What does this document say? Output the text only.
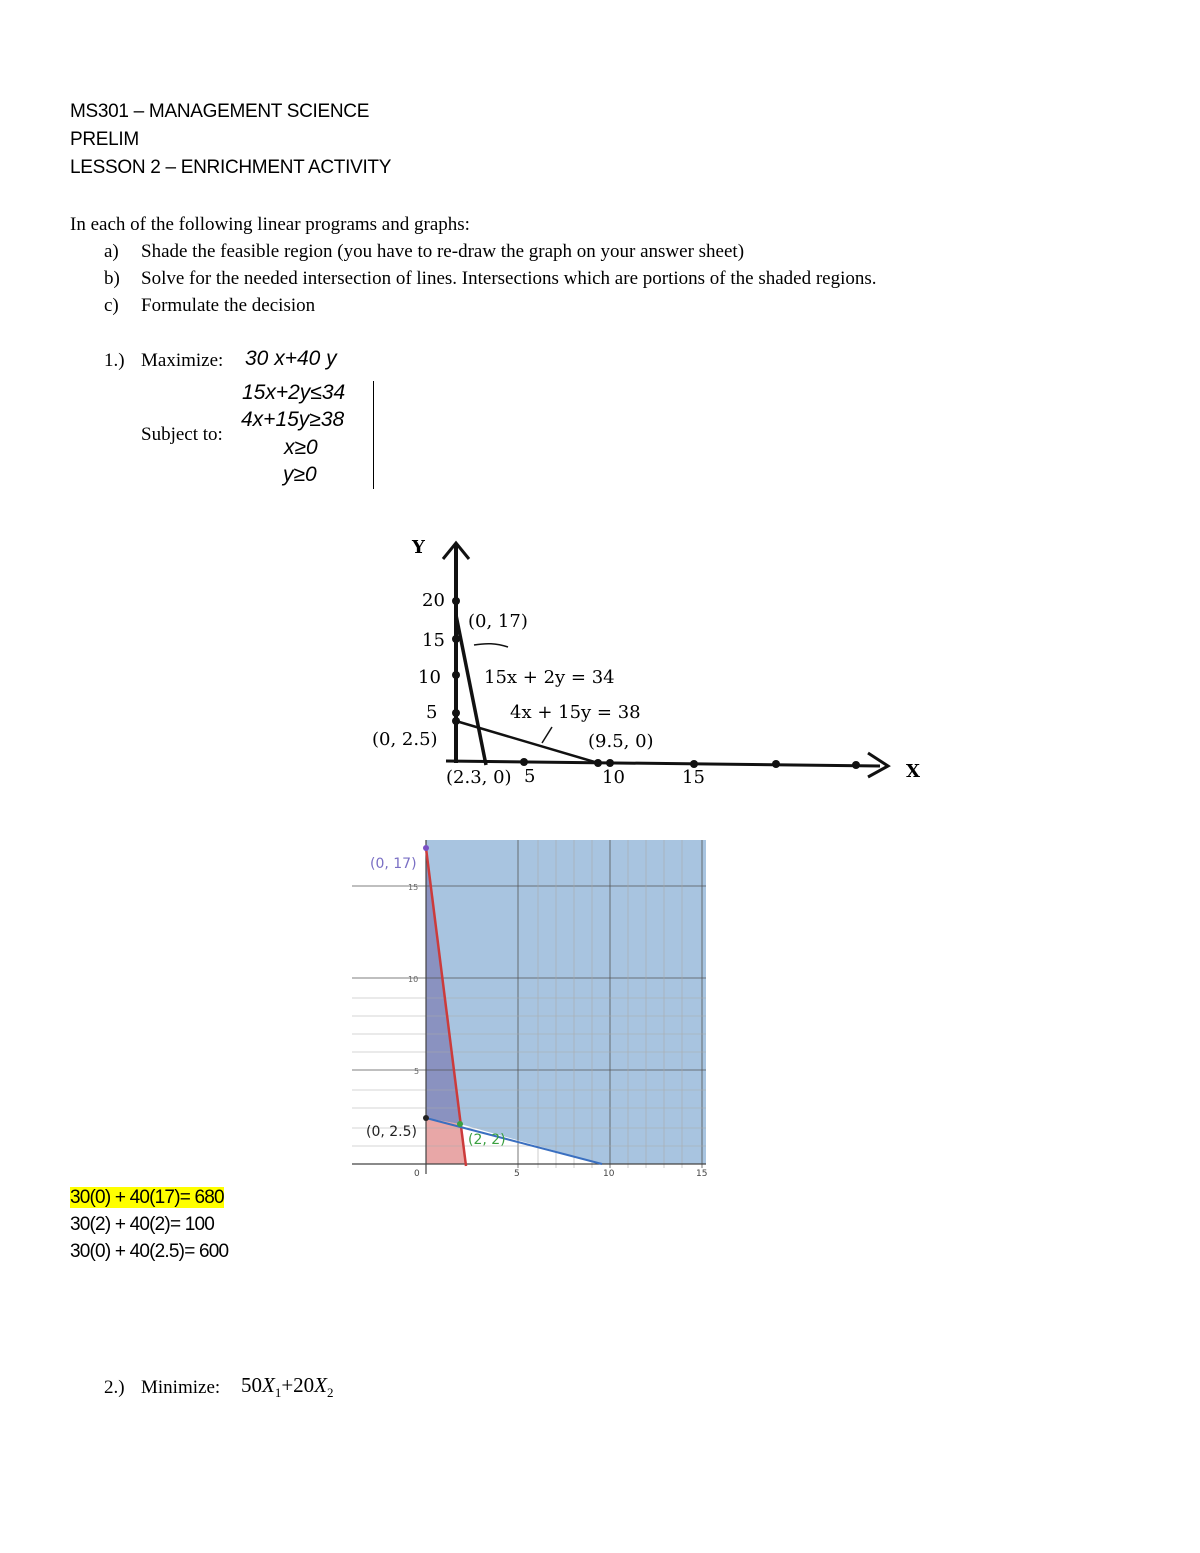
MS301 – MANAGEMENT SCIENCE
PRELIM
LESSON 2 – ENRICHMENT ACTIVITY
In each of the following linear programs and graphs:
a) Shade the feasible region (you have to re-draw the graph on your answer sheet)
b) Solve for the needed intersection of lines. Intersections which are portions of the shaded regions.
c) Formulate the decision
1.) Maximize: 30 x+40 y
Subject to:
15x+2y≤34
4x+15y≥38
x≥0
y≥0
Y
X
20
15
10
5
5	10	15
(0, 17)
15x + 2y = 34
4x + 15y = 38
(0, 2.5)
(2.3, 0)
(9.5, 0)
(0, 17)
(0, 2.5)	(2, 2)
15
10
5
0	5	10	15
30(0) + 40(17)= 680
30(2) + 40(2)= 100
30(0) + 40(2.5)= 600
2.) Minimize: $50X_1+20X_2$
